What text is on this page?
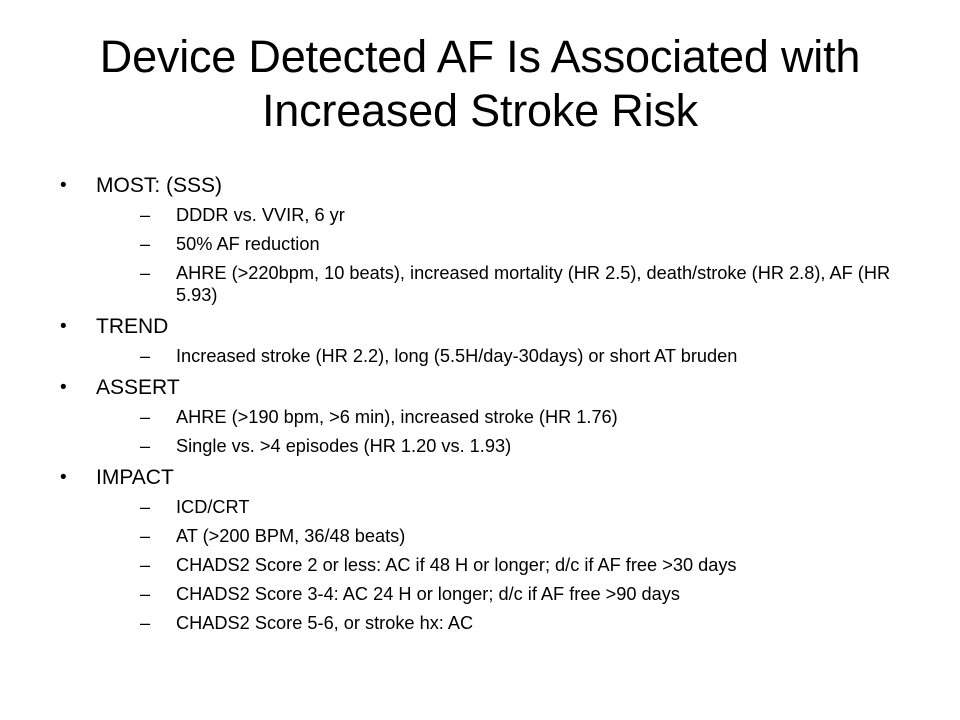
Device Detected AF Is Associated with
Increased Stroke Risk
•	MOST: (SSS)
–	DDDR vs. VVIR, 6 yr
–	50% AF reduction
–	AHRE (>220bpm, 10 beats), increased mortality (HR 2.5), death/stroke (HR 2.8), AF (HR 5.93)
•	TREND
–	Increased stroke (HR 2.2), long (5.5H/day-30days) or short AT bruden
•	ASSERT
–	AHRE (>190 bpm, >6 min), increased stroke (HR 1.76)
–	Single vs. >4 episodes (HR 1.20 vs. 1.93)
•	IMPACT
–	ICD/CRT
–	AT (>200 BPM, 36/48 beats)
–	CHADS2 Score 2 or less: AC if 48 H or longer; d/c if AF free >30 days
–	CHADS2 Score 3-4: AC 24 H or longer; d/c if AF free >90 days
–	CHADS2 Score 5-6, or stroke hx: AC
